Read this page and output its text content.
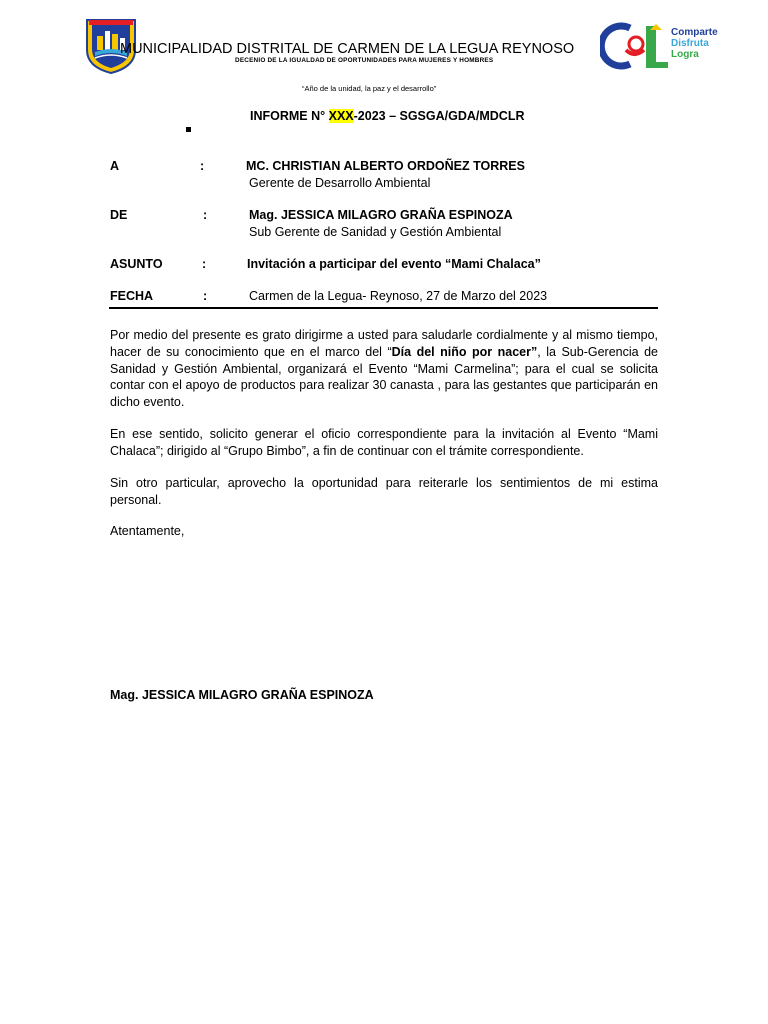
MUNICIPALIDAD DISTRITAL DE CARMEN DE LA LEGUA REYNOSO
DECENIO DE LA IGUALDAD DE OPORTUNIDADES PARA MUJERES Y HOMBRES
Comparte
Disfruta
Logra
“Año de la unidad, la paz y el desarrollo”
INFORME N° XXX-2023 – SGSGA/GDA/MDCLR
A	:	MC. CHRISTIAN ALBERTO ORDOÑEZ TORRES
Gerente de Desarrollo Ambiental
DE	:	Mag. JESSICA MILAGRO GRAÑA ESPINOZA
Sub Gerente de Sanidad y Gestión Ambiental
ASUNTO	:	Invitación a participar del evento “Mami Chalaca”
FECHA	:	Carmen de la Legua- Reynoso, 27 de Marzo del 2023
Por medio del presente es grato dirigirme a usted para saludarle cordialmente y al mismo tiempo, hacer de su conocimiento que en el marco del “Día del niño por nacer”, la Sub-Gerencia de Sanidad y Gestión Ambiental, organizará el Evento “Mami Carmelina”; para el cual se solicita contar con el apoyo de productos para realizar 30 canasta , para las gestantes que participarán en dicho evento.
En ese sentido, solicito generar el oficio correspondiente para la invitación al Evento “Mami Chalaca”; dirigido al “Grupo Bimbo”, a fin de continuar con el trámite correspondiente.
Sin otro particular, aprovecho la oportunidad para reiterarle los sentimientos de mi estima personal.
Atentamente,
Mag. JESSICA MILAGRO GRAÑA ESPINOZA
